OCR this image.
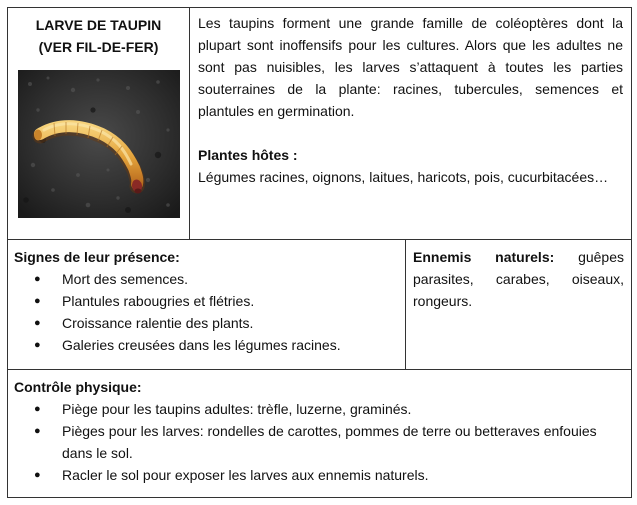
LARVE DE TAUPIN
(VER FIL-DE-FER)

Les taupins forment une grande famille de coléoptères dont la plupart sont inoffensifs pour les cultures. Alors que les adultes ne sont pas nuisibles, les larves s’attaquent à toutes les parties souterraines de la plante: racines, tubercules, semences et plantules en germination.

Plantes hôtes :

Légumes racines, oignons, laitues, haricots, pois, cucurbitacées…

Signes de leur présence:

● Mort des semences.
● Plantules rabougries et flétries.
● Croissance ralentie des plants.
● Galeries creusées dans les légumes racines.

Ennemis naturels: guêpes parasites, carabes, oiseaux, rongeurs.

Contrôle physique:

● Piège pour les taupins adultes: trèfle, luzerne, graminés.
● Pièges pour les larves: rondelles de carottes, pommes de terre ou betteraves enfouies dans le sol.
● Racler le sol pour exposer les larves aux ennemis naturels.
